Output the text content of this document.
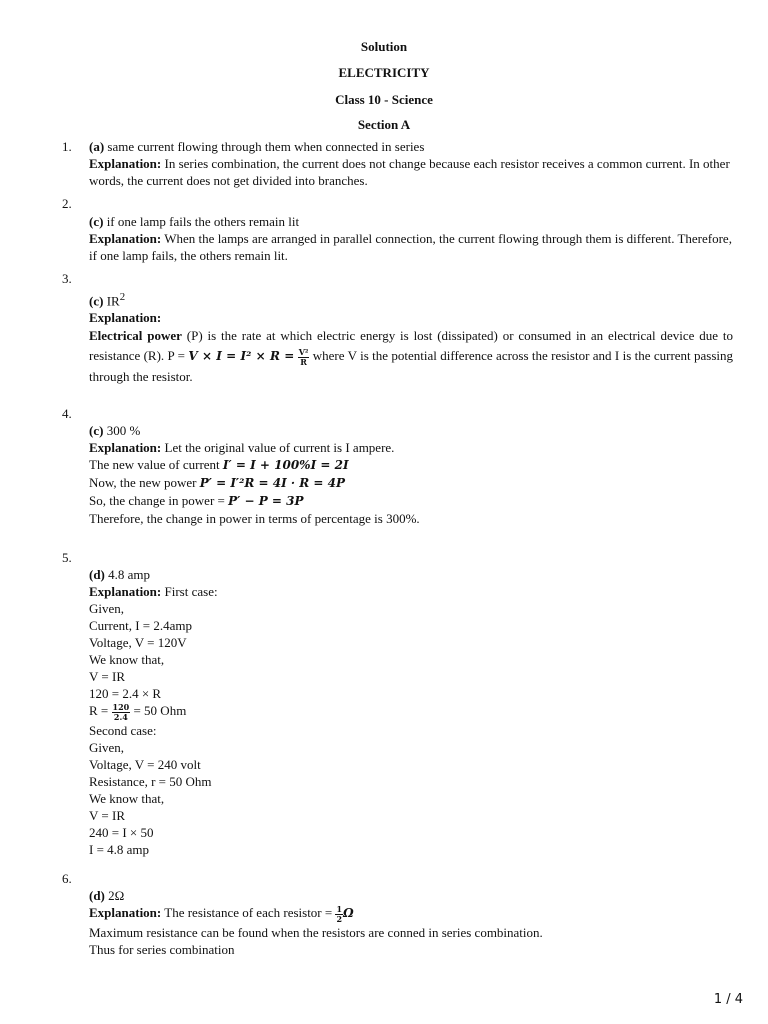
Solution
ELECTRICITY
Class 10 - Science
Section A
1. (a) same current flowing through them when connected in series
Explanation: In series combination, the current does not change because each resistor receives a common current. In other words, the current does not get divided into branches.
2.
(c) if one lamp fails the others remain lit
Explanation: When the lamps are arranged in parallel connection, the current flowing through them is different. Therefore, if one lamp fails, the others remain lit.
3.
(c) $IR^2$
Explanation:
Electrical power (P) is the rate at which electric energy is lost (dissipated) or consumed in an electrical device due to resistance (R). $P = V \times I = I^2 \times R = \frac{\text{V²}}{R}$ where V is the potential difference across the resistor and I is the current passing through the resistor.
4.
(c) 300 %
Explanation: Let the original value of current is I ampere.
The new value of current I′ = I + 100%I = 2I
Now, the new power P′ = I′²R = 4I · R = 4P
So, the change in power = P′ − P = 3P
Therefore, the change in power in terms of percentage is 300%.
5.
(d) 4.8 amp
Explanation: First case:
Given,
Current, I = 2.4amp
Voltage, V = 120V
We know that,
V = IR
120 = 2.4 × R
$R = \frac{120}{2.4} = 50$ Ohm
Second case:
Given,
Voltage, V = 240 volt
Resistance, r = 50 Ohm
We know that,
V = IR
240 = I × 50
I = 4.8 amp
6.
(d) 2Ω
Explanation: The resistance of each resistor = $\frac{1}{2}$ Ω
Maximum resistance can be found when the resistors are conned in series combination.
Thus for series combination
1 / 4
